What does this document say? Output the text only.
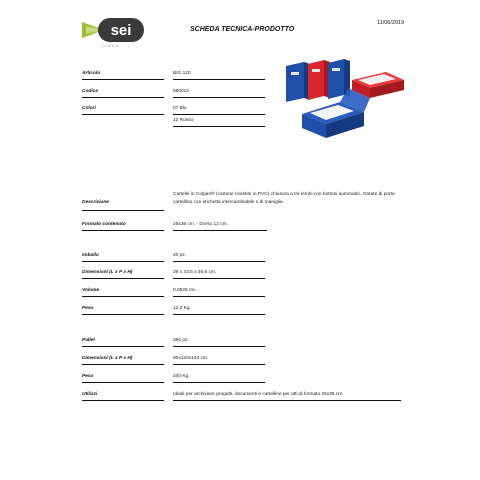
sei
ITALY
SCHEDA TECNICA-PRODOTTO
11/06/2019
Articolo	BIG 120
Codice	680012
Colori	07 Blu
12 Rosso
Descrizione
Cartelle in Colpan® (cartone rivestito in PVC) chiusura a tre lembi con bottoni automatici. Dotate di porta cartellino con etichetta intercambiabile e di maniglia.
Formato contenuto	25x35 cm. - Dorso 12 cm.
Imballo	20 pz.
Dimensioni (L x P x H)	39 x 33,5 x 36,5 cm.
Volume	0,0526 mc.
Peso	12,2 Kg.
Pallet	360 pz.
Dimensioni (L x P x H)	80x120x133 cm.
Peso	240 Kg.
Utilizzi	Ideali per archiviare progetti, documenti e cartelline per atti di formato 25x35 cm.
